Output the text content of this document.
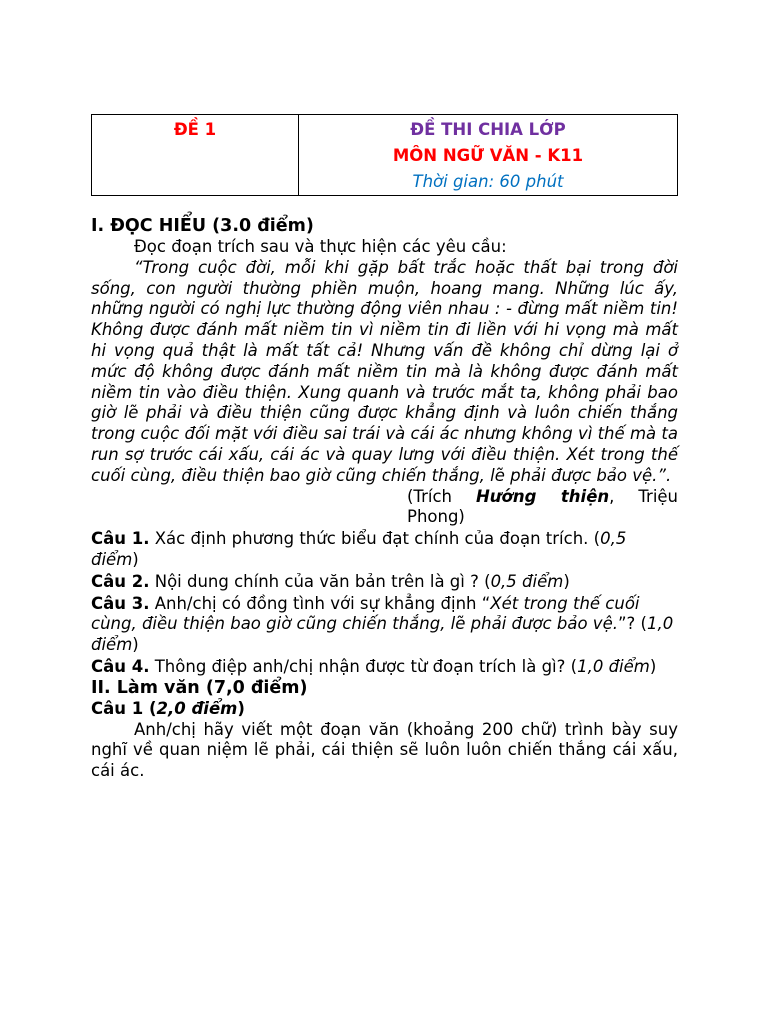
ĐỀ 1	ĐỀ THI CHIA LỚP
MÔN NGỮ VĂN - K11
Thời gian: 60 phút

I. ĐỌC HIỂU (3.0 điểm)

Đọc đoạn trích sau và thực hiện các yêu cầu:

“Trong cuộc đời, mỗi khi gặp bất trắc hoặc thất bại trong đời sống, con người thường phiền muộn, hoang mang. Những lúc ấy, những người có nghị lực thường động viên nhau : - đừng mất niềm tin! Không được đánh mất niềm tin vì niềm tin đi liền với hi vọng mà mất hi vọng quả thật là mất tất cả! Nhưng vấn đề không chỉ dừng lại ở mức độ không được đánh mất niềm tin mà là không được đánh mất niềm tin vào điều thiện. Xung quanh và trước mắt ta, không phải bao giờ lẽ phải và điều thiện cũng được khẳng định và luôn chiến thắng trong cuộc đối mặt với điều sai trái và cái ác nhưng không vì thế mà ta run sợ trước cái xấu, cái ác và quay lưng với điều thiện. Xét trong thế cuối cùng, điều thiện bao giờ cũng chiến thắng, lẽ phải được bảo vệ.”.

(Trích Hướng thiện, Triệu

Phong)

Câu 1. Xác định phương thức biểu đạt chính của đoạn trích. (0,5 điểm)

Câu 2. Nội dung chính của văn bản trên là gì ? (0,5 điểm)

Câu 3. Anh/chị có đồng tình với sự khẳng định “Xét trong thế cuối cùng, điều thiện bao giờ cũng chiến thắng, lẽ phải được bảo vệ.”? (1,0 điểm)

Câu 4. Thông điệp anh/chị nhận được từ đoạn trích là gì? (1,0 điểm)

II. Làm văn (7,0 điểm)

Câu 1 (2,0 điểm)

Anh/chị hãy viết một đoạn văn (khoảng 200 chữ) trình bày suy nghĩ về quan niệm lẽ phải, cái thiện sẽ luôn luôn chiến thắng cái xấu, cái ác.
